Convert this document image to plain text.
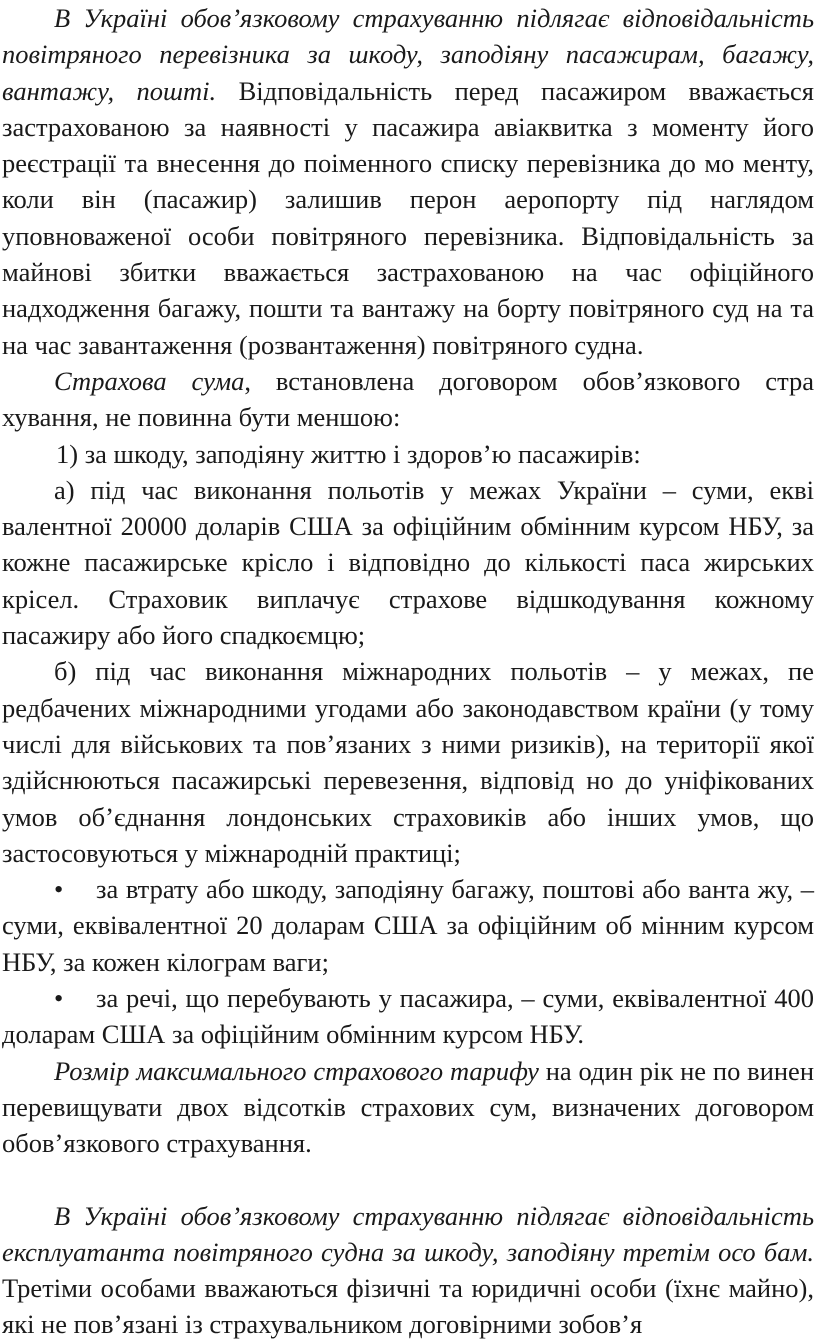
В Україні обов’язковому страхуванню підлягає відповідальність повітряного перевізника за шкоду, заподіяну пасажирам, багажу, вантажу, пошті. Відповідальність перед пасажиром вважається застрахованою за наявності у пасажира авіаквитка з моменту його реєстрації та внесення до поіменного списку перевізника до мо менту, коли він (пасажир) залишив перон аеропорту під наглядом уповноваженої особи повітряного перевізника. Відповідальність за майнові збитки вважається застрахованою на час офіційного надходження багажу, пошти та вантажу на борту повітряного суд на та на час завантаження (розвантаження) повітряного судна.

Страхова сума, встановлена договором обов’язкового стра хування, не повинна бути меншою:

1) за шкоду, заподіяну життю і здоров’ю пасажирів:

а) під час виконання польотів у межах України – суми, еквi валентної 20000 доларів США за офіційним обмінним курсом НБУ, за кожне пасажирське крісло і відповідно до кількості паса жирських крісел. Страховик виплачує страхове відшкодування кожному пасажиру або його спадкоємцю;

б) під час виконання міжнародних польотів – у межах, пе редбачених міжнародними угодами або законодавством країни (у тому числі для військових та пов’язаних з ними ризиків), на території якої здійснюються пасажирські перевезення, відповід но до уніфікованих умов об’єднання лондонських страховиків або інших умов, що застосовуються у міжнародній практиці;

• за втрату або шкоду, заподіяну багажу, поштові або ванта жу, – суми, еквівалентної 20 доларам США за офіційним об мінним курсом НБУ, за кожен кілограм ваги;

• за речі, що перебувають у пасажира, – суми, еквівалентної 400 доларам США за офіційним обмінним курсом НБУ.

Розмір максимального страхового тарифу на один рік не по винен перевищувати двох відсотків страхових сум, визначених договором обов’язкового страхування.

В Україні обов’язковому страхуванню підлягає відповідальність експлуатанта повітряного судна за шкоду, заподіяну третім осо бам. Третіми особами вважаються фізичні та юридичні особи (їхнє майно), які не пов’язані із страхувальником договірними зобов’я
